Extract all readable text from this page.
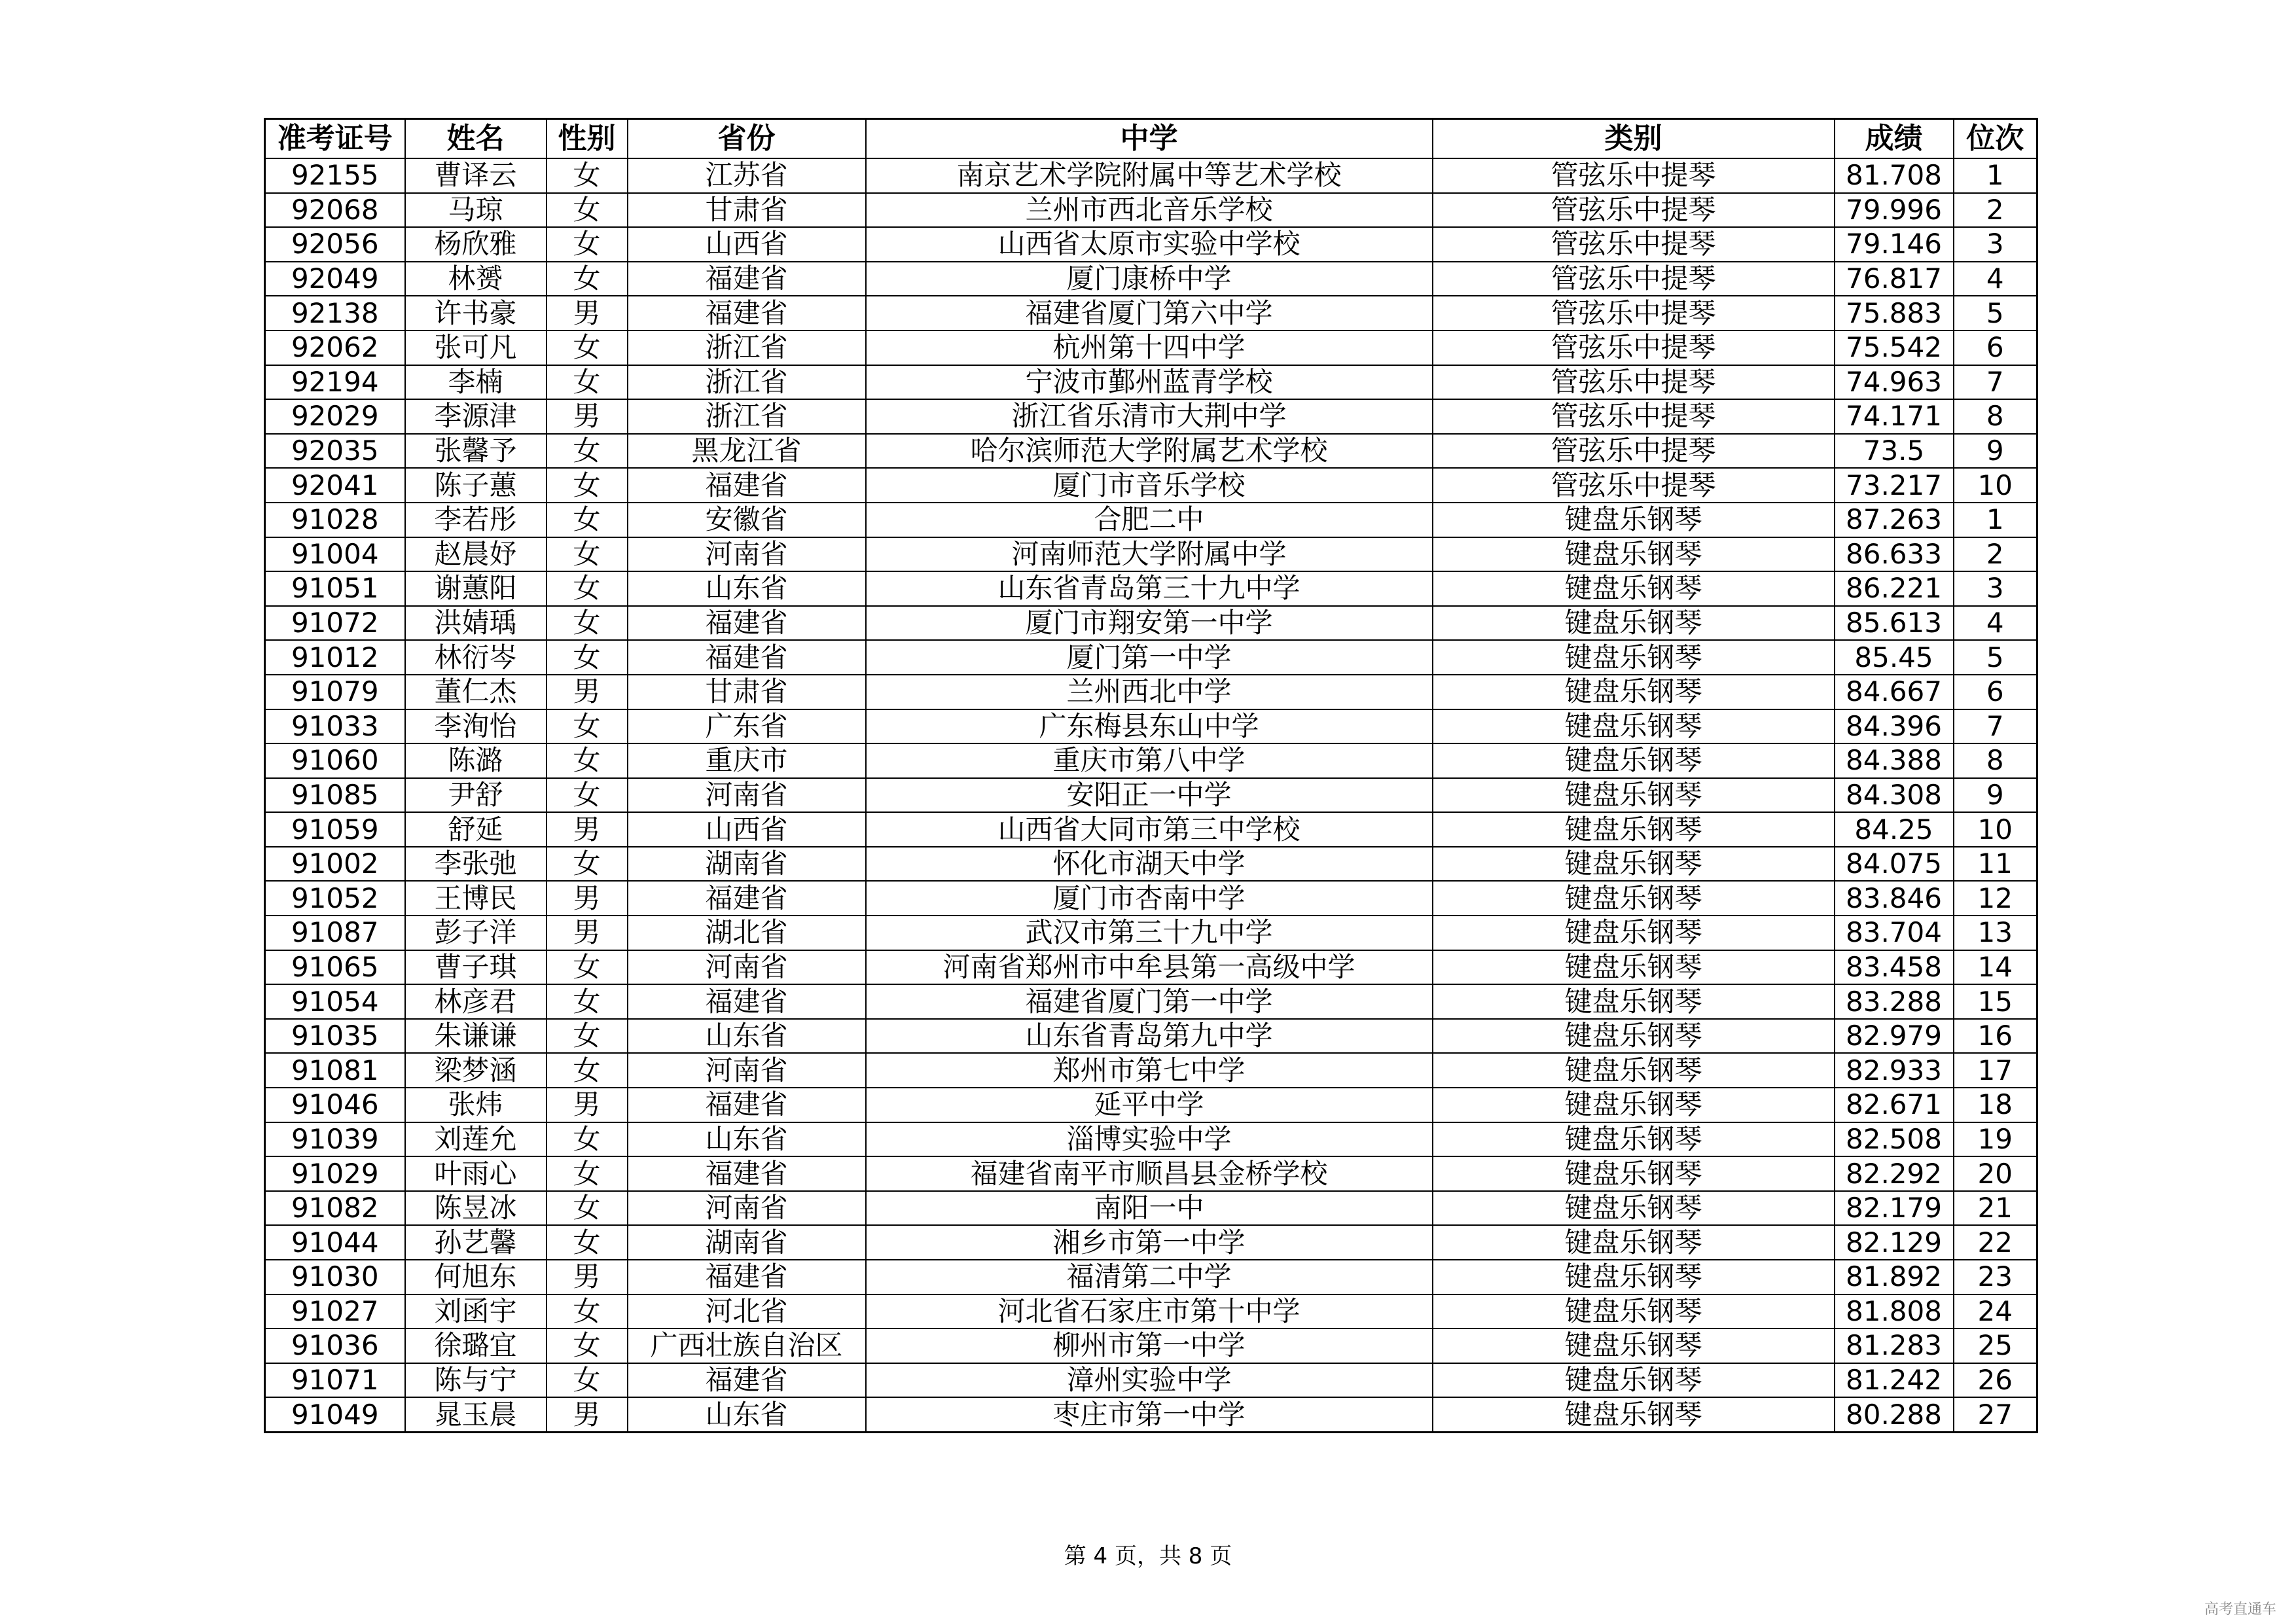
准考证号	姓名	性别	省份	中学	类别	成绩	位次
92155	曹译云	女	江苏省	南京艺术学院附属中等艺术学校	管弦乐中提琴	81.708	1
92068	马琼	女	甘肃省	兰州市西北音乐学校	管弦乐中提琴	79.996	2
92056	杨欣雅	女	山西省	山西省太原市实验中学校	管弦乐中提琴	79.146	3
92049	林赟	女	福建省	厦门康桥中学	管弦乐中提琴	76.817	4
92138	许书豪	男	福建省	福建省厦门第六中学	管弦乐中提琴	75.883	5
92062	张可凡	女	浙江省	杭州第十四中学	管弦乐中提琴	75.542	6
92194	李楠	女	浙江省	宁波市鄞州蓝青学校	管弦乐中提琴	74.963	7
92029	李源津	男	浙江省	浙江省乐清市大荆中学	管弦乐中提琴	74.171	8
92035	张馨予	女	黑龙江省	哈尔滨师范大学附属艺术学校	管弦乐中提琴	73.5	9
92041	陈子蕙	女	福建省	厦门市音乐学校	管弦乐中提琴	73.217	10
91028	李若彤	女	安徽省	合肥二中	键盘乐钢琴	87.263	1
91004	赵晨妤	女	河南省	河南师范大学附属中学	键盘乐钢琴	86.633	2
91051	谢蕙阳	女	山东省	山东省青岛第三十九中学	键盘乐钢琴	86.221	3
91072	洪婧瑀	女	福建省	厦门市翔安第一中学	键盘乐钢琴	85.613	4
91012	林衍岑	女	福建省	厦门第一中学	键盘乐钢琴	85.45	5
91079	董仁杰	男	甘肃省	兰州西北中学	键盘乐钢琴	84.667	6
91033	李洵怡	女	广东省	广东梅县东山中学	键盘乐钢琴	84.396	7
91060	陈潞	女	重庆市	重庆市第八中学	键盘乐钢琴	84.388	8
91085	尹舒	女	河南省	安阳正一中学	键盘乐钢琴	84.308	9
91059	舒延	男	山西省	山西省大同市第三中学校	键盘乐钢琴	84.25	10
91002	李张弛	女	湖南省	怀化市湖天中学	键盘乐钢琴	84.075	11
91052	王博民	男	福建省	厦门市杏南中学	键盘乐钢琴	83.846	12
91087	彭子洋	男	湖北省	武汉市第三十九中学	键盘乐钢琴	83.704	13
91065	曹子琪	女	河南省	河南省郑州市中牟县第一高级中学	键盘乐钢琴	83.458	14
91054	林彦君	女	福建省	福建省厦门第一中学	键盘乐钢琴	83.288	15
91035	朱谦谦	女	山东省	山东省青岛第九中学	键盘乐钢琴	82.979	16
91081	梁梦涵	女	河南省	郑州市第七中学	键盘乐钢琴	82.933	17
91046	张炜	男	福建省	延平中学	键盘乐钢琴	82.671	18
91039	刘莲允	女	山东省	淄博实验中学	键盘乐钢琴	82.508	19
91029	叶雨心	女	福建省	福建省南平市顺昌县金桥学校	键盘乐钢琴	82.292	20
91082	陈昱冰	女	河南省	南阳一中	键盘乐钢琴	82.179	21
91044	孙艺馨	女	湖南省	湘乡市第一中学	键盘乐钢琴	82.129	22
91030	何旭东	男	福建省	福清第二中学	键盘乐钢琴	81.892	23
91027	刘函宇	女	河北省	河北省石家庄市第十中学	键盘乐钢琴	81.808	24
91036	徐璐宜	女	广西壮族自治区	柳州市第一中学	键盘乐钢琴	81.283	25
91071	陈与宁	女	福建省	漳州实验中学	键盘乐钢琴	81.242	26
91049	晁玉晨	男	山东省	枣庄市第一中学	键盘乐钢琴	80.288	27
第 4 页，共 8 页
高考直通车
